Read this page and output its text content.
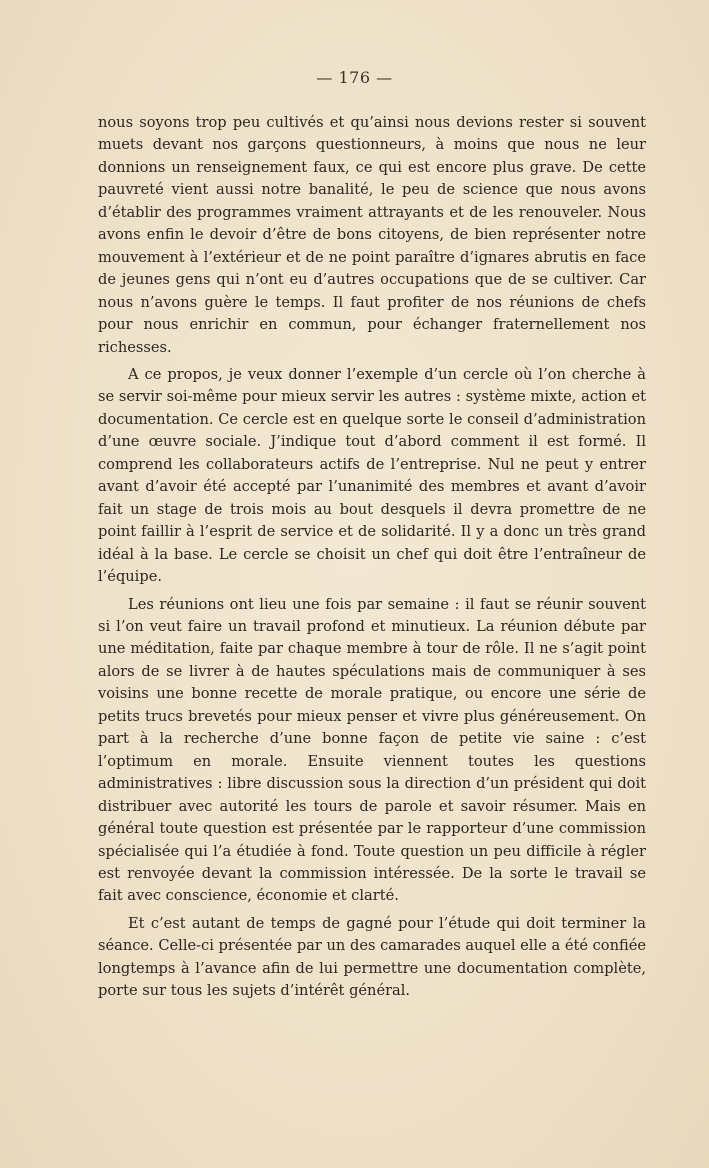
— 176 —

nous soyons trop peu cultivés et qu’ainsi nous devions rester si souvent muets devant nos garçons questionneurs, à moins que nous ne leur donnions un renseignement faux, ce qui est encore plus grave. De cette pauvreté vient aussi notre banalité, le peu de science que nous avons d’établir des programmes vraiment attrayants et de les renouveler. Nous avons enfin le devoir d’être de bons citoyens, de bien représenter notre mouvement à l’extérieur et de ne point paraître d’ignares abrutis en face de jeunes gens qui n’ont eu d’autres occupations que de se cultiver. Car nous n’avons guère le temps. Il faut profiter de nos réunions de chefs pour nous enrichir en commun, pour échanger fraternellement nos richesses.

A ce propos, je veux donner l’exemple d’un cercle où l’on cherche à se servir soi-même pour mieux servir les autres : système mixte, action et documentation. Ce cercle est en quelque sorte le conseil d’administration d’une œuvre sociale. J’indique tout d’abord comment il est formé. Il comprend les collaborateurs actifs de l’entreprise. Nul ne peut y entrer avant d’avoir été accepté par l’unanimité des membres et avant d’avoir fait un stage de trois mois au bout desquels il devra promettre de ne point faillir à l’esprit de service et de solidarité. Il y a donc un très grand idéal à la base. Le cercle se choisit un chef qui doit être l’entraîneur de l’équipe.

Les réunions ont lieu une fois par semaine : il faut se réunir souvent si l’on veut faire un travail profond et minutieux. La réunion débute par une méditation, faite par chaque membre à tour de rôle. Il ne s’agit point alors de se livrer à de hautes spéculations mais de communiquer à ses voisins une bonne recette de morale pratique, ou encore une série de petits trucs brevetés pour mieux penser et vivre plus généreusement. On part à la recherche d’une bonne façon de petite vie saine : c’est l’optimum en morale. Ensuite viennent toutes les questions administratives : libre discussion sous la direction d’un président qui doit distribuer avec autorité les tours de parole et savoir résumer. Mais en général toute question est présentée par le rapporteur d’une commission spécialisée qui l’a étudiée à fond. Toute question un peu difficile à régler est renvoyée devant la commission intéressée. De la sorte le travail se fait avec conscience, économie et clarté.

Et c’est autant de temps de gagné pour l’étude qui doit terminer la séance. Celle-ci présentée par un des camarades auquel elle a été confiée longtemps à l’avance afin de lui permettre une documentation complète, porte sur tous les sujets d’intérêt général.
